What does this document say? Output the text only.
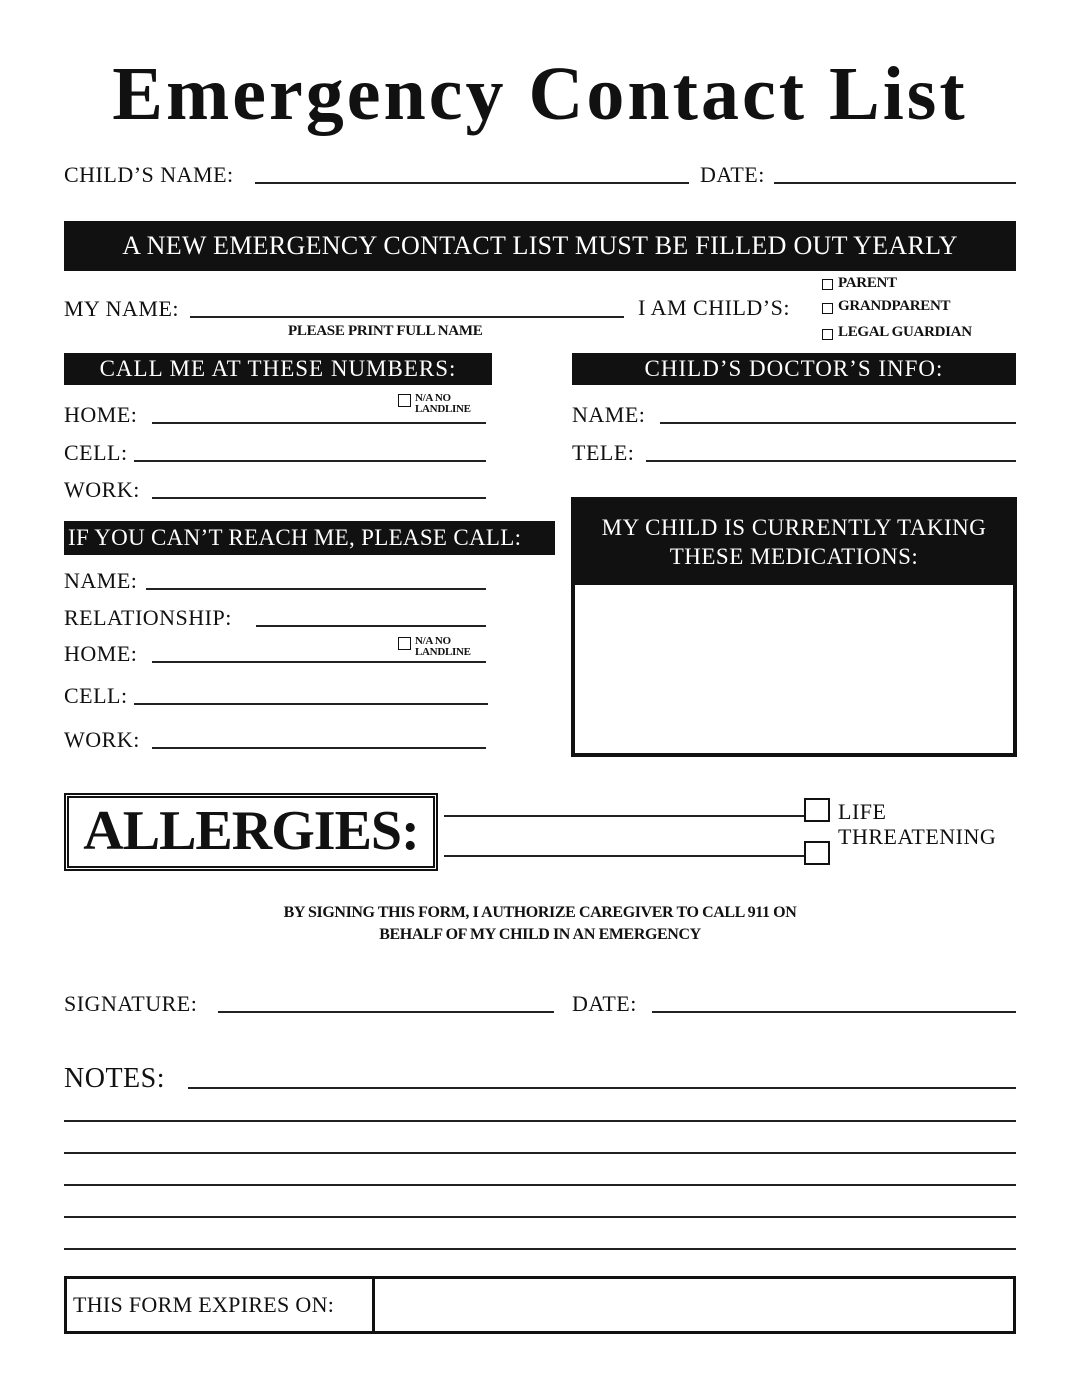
Emergency Contact List
CHILD’S NAME:	DATE:
A NEW EMERGENCY CONTACT LIST MUST BE FILLED OUT YEARLY
MY NAME:
PLEASE PRINT FULL NAME
I AM CHILD’S:
PARENT
GRANDPARENT
LEGAL GUARDIAN
CALL ME AT THESE NUMBERS:
HOME:
N/A NO
LANDLINE
CELL:
WORK:
CHILD’S DOCTOR’S INFO:
NAME:
TELE:
IF YOU CAN’T REACH ME, PLEASE CALL:
NAME:
RELATIONSHIP:
HOME:	N/A NO
LANDLINE
CELL:
WORK:
MY CHILD IS CURRENTLY TAKING
THESE MEDICATIONS:
ALLERGIES:	LIFE
THREATENING
BY SIGNING THIS FORM, I AUTHORIZE CAREGIVER TO CALL 911 ON
BEHALF OF MY CHILD IN AN EMERGENCY
SIGNATURE:	DATE:
NOTES:
THIS FORM EXPIRES ON:
